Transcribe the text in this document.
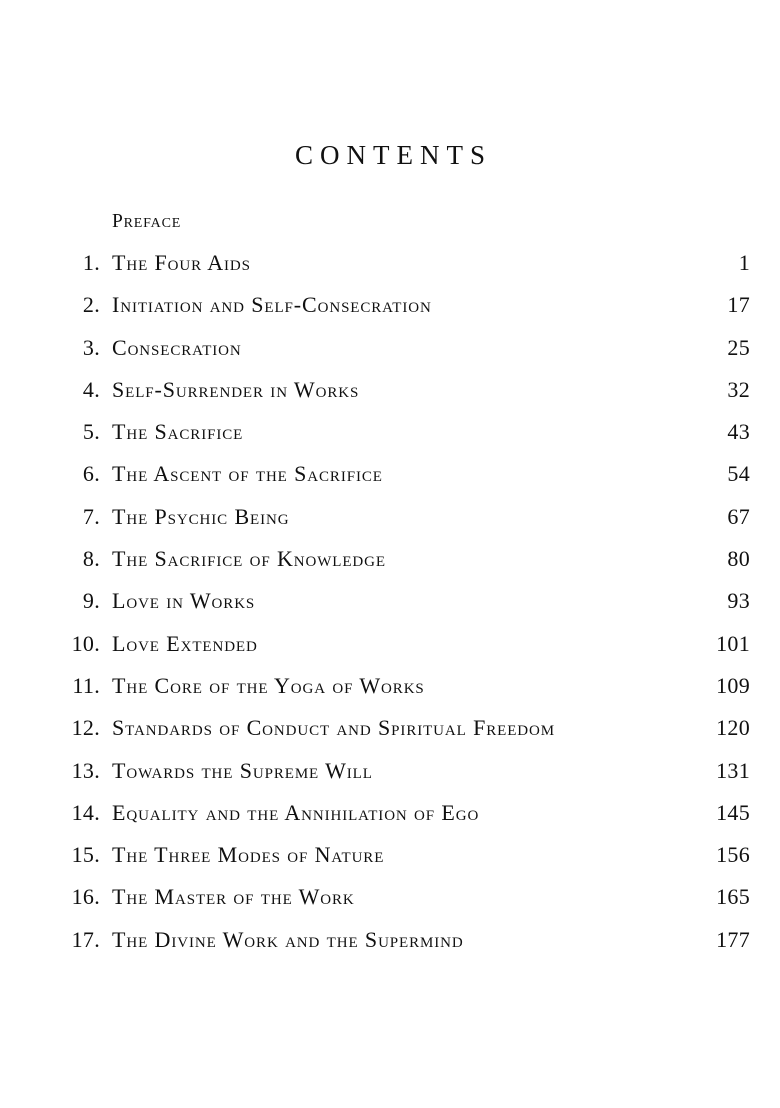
CONTENTS
Preface
1. The Four Aids	1
2. Initiation and Self-Consecration	17
3. Consecration	25
4. Self-Surrender in Works	32
5. The Sacrifice	43
6. The Ascent of the Sacrifice	54
7. The Psychic Being	67
8. The Sacrifice of Knowledge	80
9. Love in Works	93
10. Love Extended	101
11. The Core of the Yoga of Works	109
12. Standards of Conduct and Spiritual Freedom	120
13. Towards the Supreme Will	131
14. Equality and the Annihilation of Ego	145
15. The Three Modes of Nature	156
16. The Master of the Work	165
17. The Divine Work and the Supermind	177
